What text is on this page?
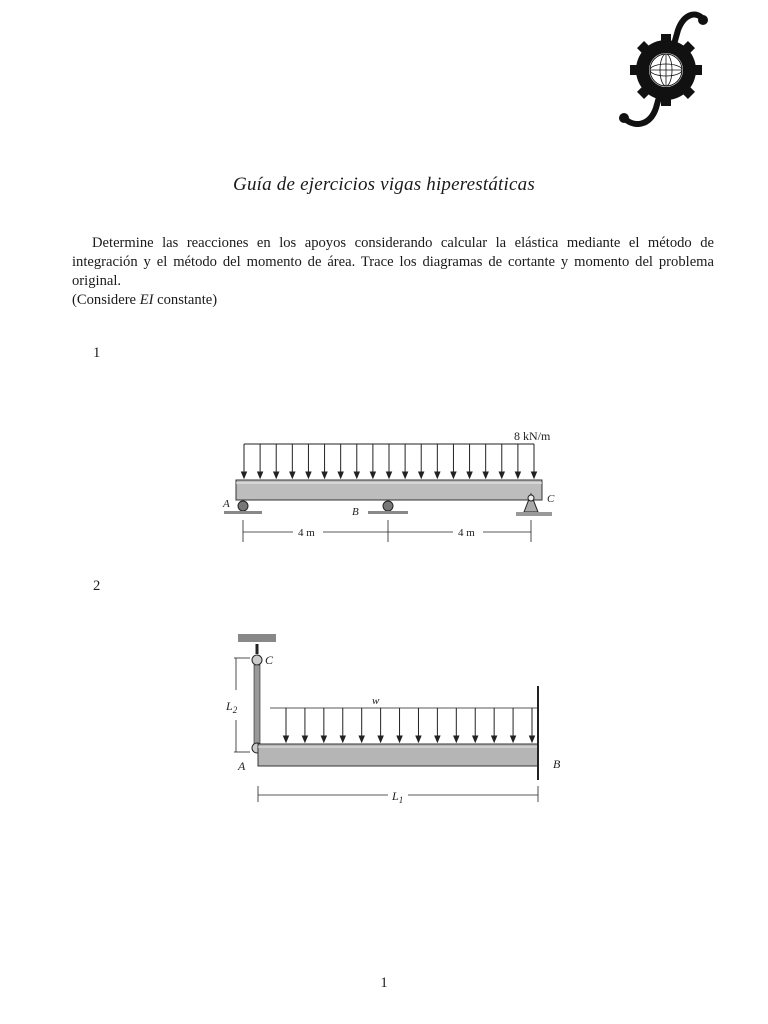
Guía de ejercicios vigas hiperestáticas

Determine las reacciones en los apoyos considerando calcular la elástica mediante el método de integración y el método del momento de área. Trace los diagramas de cortante y momento del problema original.

(Considere EI constante)

1
8 kN/m
A
B
C
4 m	4 m
2
C
$L_2$
A	B
w
$L_1$
1
